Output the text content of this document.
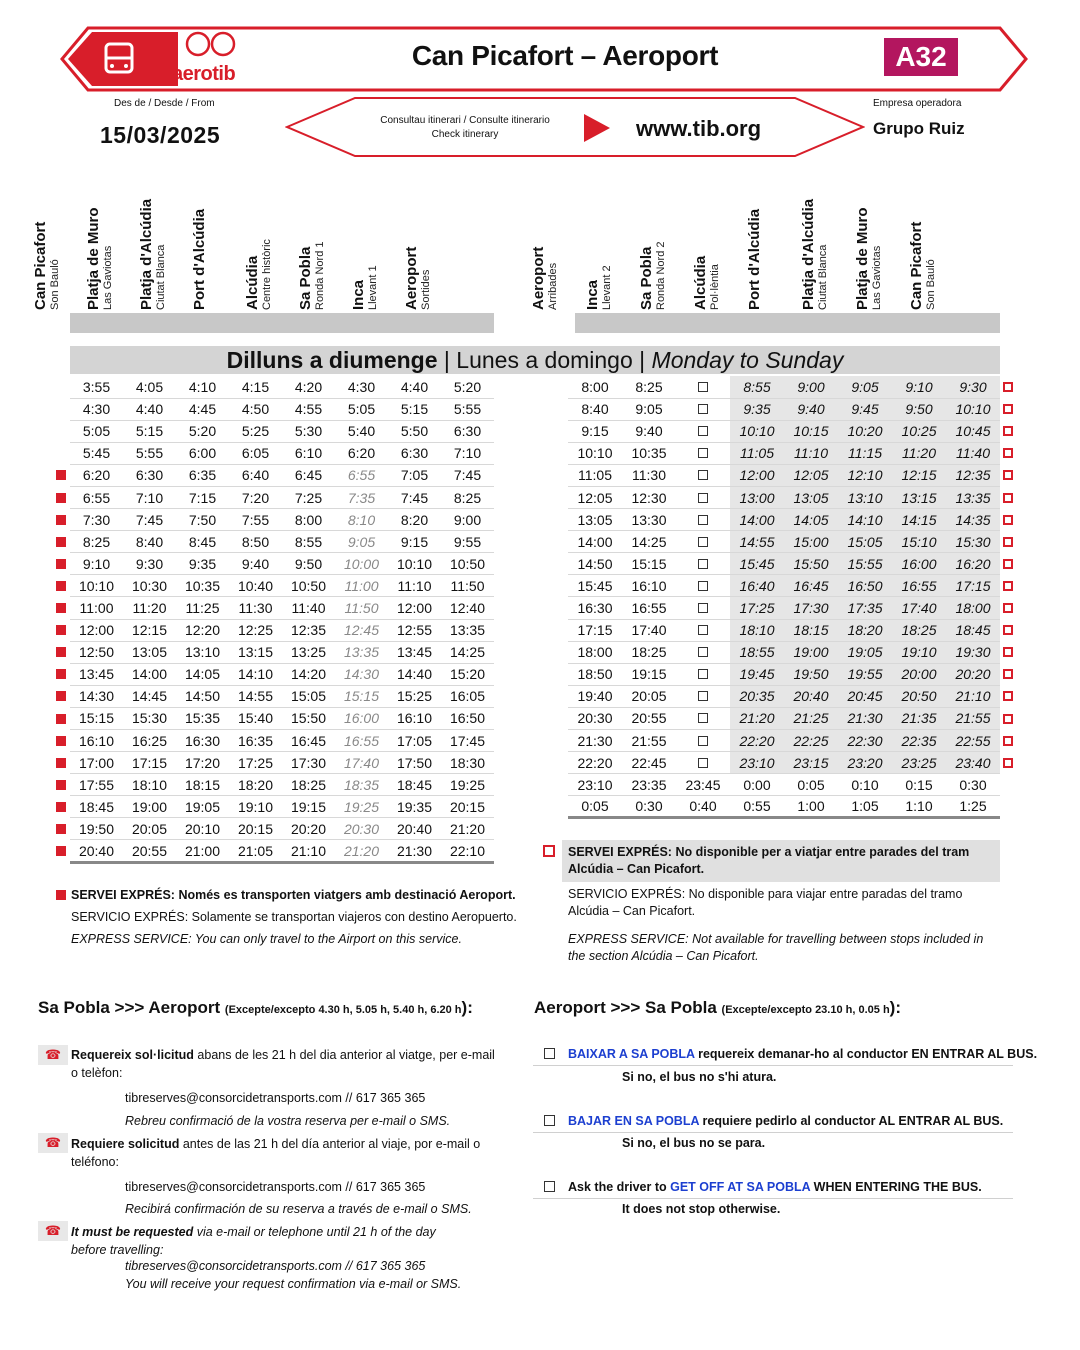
aerotib
Can Picafort – Aeroport	A32
Des de / Desde / From
15/03/2025
Consultau itinerari / Consulte itinerario
Check itinerary	www.tib.org
Empresa operadora
Grupo Ruiz
Can Picafort Son Bauló Platja de Muro Las Gaviotas Platja d'Alcúdia Ciutat Blanca Port d'Alcúdia Alcúdia Centre històric Sa Pobla Ronda Nord 1 Inca Llevant 1 Aeroport Sortides	Aeroport Arribades Inca Llevant 2 Sa Pobla Ronda Nord 2 Alcúdia Pol·lèntia Port d'Alcúdia Platja d'Alcúdia Ciutat Blanca Platja de Muro Las Gaviotas Can Picafort Son Bauló
Dilluns a diumenge | Lunes a domingo | Monday to Sunday
3:55	4:05	4:10	4:15	4:20	4:30	4:40	5:20
4:30	4:40	4:45	4:50	4:55	5:05	5:15	5:55
5:05	5:15	5:20	5:25	5:30	5:40	5:50	6:30
5:45	5:55	6:00	6:05	6:10	6:20	6:30	7:10
6:20	6:30	6:35	6:40	6:45	6:55	7:05	7:45
6:55	7:10	7:15	7:20	7:25	7:35	7:45	8:25
7:30	7:45	7:50	7:55	8:00	8:10	8:20	9:00
8:25	8:40	8:45	8:50	8:55	9:05	9:15	9:55
9:10	9:30	9:35	9:40	9:50	10:00	10:10	10:50
10:10	10:30	10:35	10:40	10:50	11:00	11:10	11:50
11:00	11:20	11:25	11:30	11:40	11:50	12:00	12:40
12:00	12:15	12:20	12:25	12:35	12:45	12:55	13:35
12:50	13:05	13:10	13:15	13:25	13:35	13:45	14:25
13:45	14:00	14:05	14:10	14:20	14:30	14:40	15:20
14:30	14:45	14:50	14:55	15:05	15:15	15:25	16:05
15:15	15:30	15:35	15:40	15:50	16:00	16:10	16:50
16:10	16:25	16:30	16:35	16:45	16:55	17:05	17:45
17:00	17:15	17:20	17:25	17:30	17:40	17:50	18:30
17:55	18:10	18:15	18:20	18:25	18:35	18:45	19:25
18:45	19:00	19:05	19:10	19:15	19:25	19:35	20:15
19:50	20:05	20:10	20:15	20:20	20:30	20:40	21:20
20:40	20:55	21:00	21:05	21:10	21:20	21:30	22:10
8:00	8:25		8:55	9:00	9:05	9:10	9:30
8:40	9:05		9:35	9:40	9:45	9:50	10:10
9:15	9:40		10:10	10:15	10:20	10:25	10:45
10:10	10:35		11:05	11:10	11:15	11:20	11:40
11:05	11:30		12:00	12:05	12:10	12:15	12:35
12:05	12:30		13:00	13:05	13:10	13:15	13:35
13:05	13:30		14:00	14:05	14:10	14:15	14:35
14:00	14:25		14:55	15:00	15:05	15:10	15:30
14:50	15:15		15:45	15:50	15:55	16:00	16:20
15:45	16:10		16:40	16:45	16:50	16:55	17:15
16:30	16:55		17:25	17:30	17:35	17:40	18:00
17:15	17:40		18:10	18:15	18:20	18:25	18:45
18:00	18:25		18:55	19:00	19:05	19:10	19:30
18:50	19:15		19:45	19:50	19:55	20:00	20:20
19:40	20:05		20:35	20:40	20:45	20:50	21:10
20:30	20:55		21:20	21:25	21:30	21:35	21:55
21:30	21:55		22:20	22:25	22:30	22:35	22:55
22:20	22:45		23:10	23:15	23:20	23:25	23:40
23:10	23:35	23:45	0:00	0:05	0:10	0:15	0:30
0:05	0:30	0:40	0:55	1:00	1:05	1:10	1:25
SERVEI EXPRÉS: Només es transporten viatgers amb destinació Aeroport.
SERVICIO EXPRÉS: Solamente se transportan viajeros con destino Aeropuerto.
EXPRESS SERVICE: You can only travel to the Airport on this service.
SERVEI EXPRÉS: No disponible per a viatjar entre parades del tram Alcúdia – Can Picafort.
SERVICIO EXPRÉS: No disponible para viajar entre paradas del tramo
Alcúdia – Can Picafort.
EXPRESS SERVICE: Not available for travelling between stops included in
the section Alcúdia – Can Picafort.
Sa Pobla >>> Aeroport (Excepte/excepto 4.30 h, 5.05 h, 5.40 h, 6.20 h):
☎ Requereix sol·licitud abans de les 21 h del dia anterior al viatge, per e-mail o telèfon:
tibreserves@consorcidetransports.com // 617 365 365
Rebreu confirmació de la vostra reserva per e-mail o SMS.
☎ Requiere solicitud antes de las 21 h del día anterior al viaje, por e-mail o teléfono:
tibreserves@consorcidetransports.com // 617 365 365
Recibirá confirmación de su reserva a través de e-mail o SMS.
☎ It must be requested via e-mail or telephone until 21 h of the day before travelling:
tibreserves@consorcidetransports.com // 617 365 365
You will receive your request confirmation via e-mail or SMS.
Aeroport >>> Sa Pobla (Excepte/excepto 23.10 h, 0.05 h):
BAIXAR A SA POBLA requereix demanar-ho al conductor EN ENTRAR AL BUS.
Si no, el bus no s'hi atura.
BAJAR EN SA POBLA requiere pedirlo al conductor AL ENTRAR AL BUS.
Si no, el bus no se para.
Ask the driver to GET OFF AT SA POBLA WHEN ENTERING THE BUS.
It does not stop otherwise.
